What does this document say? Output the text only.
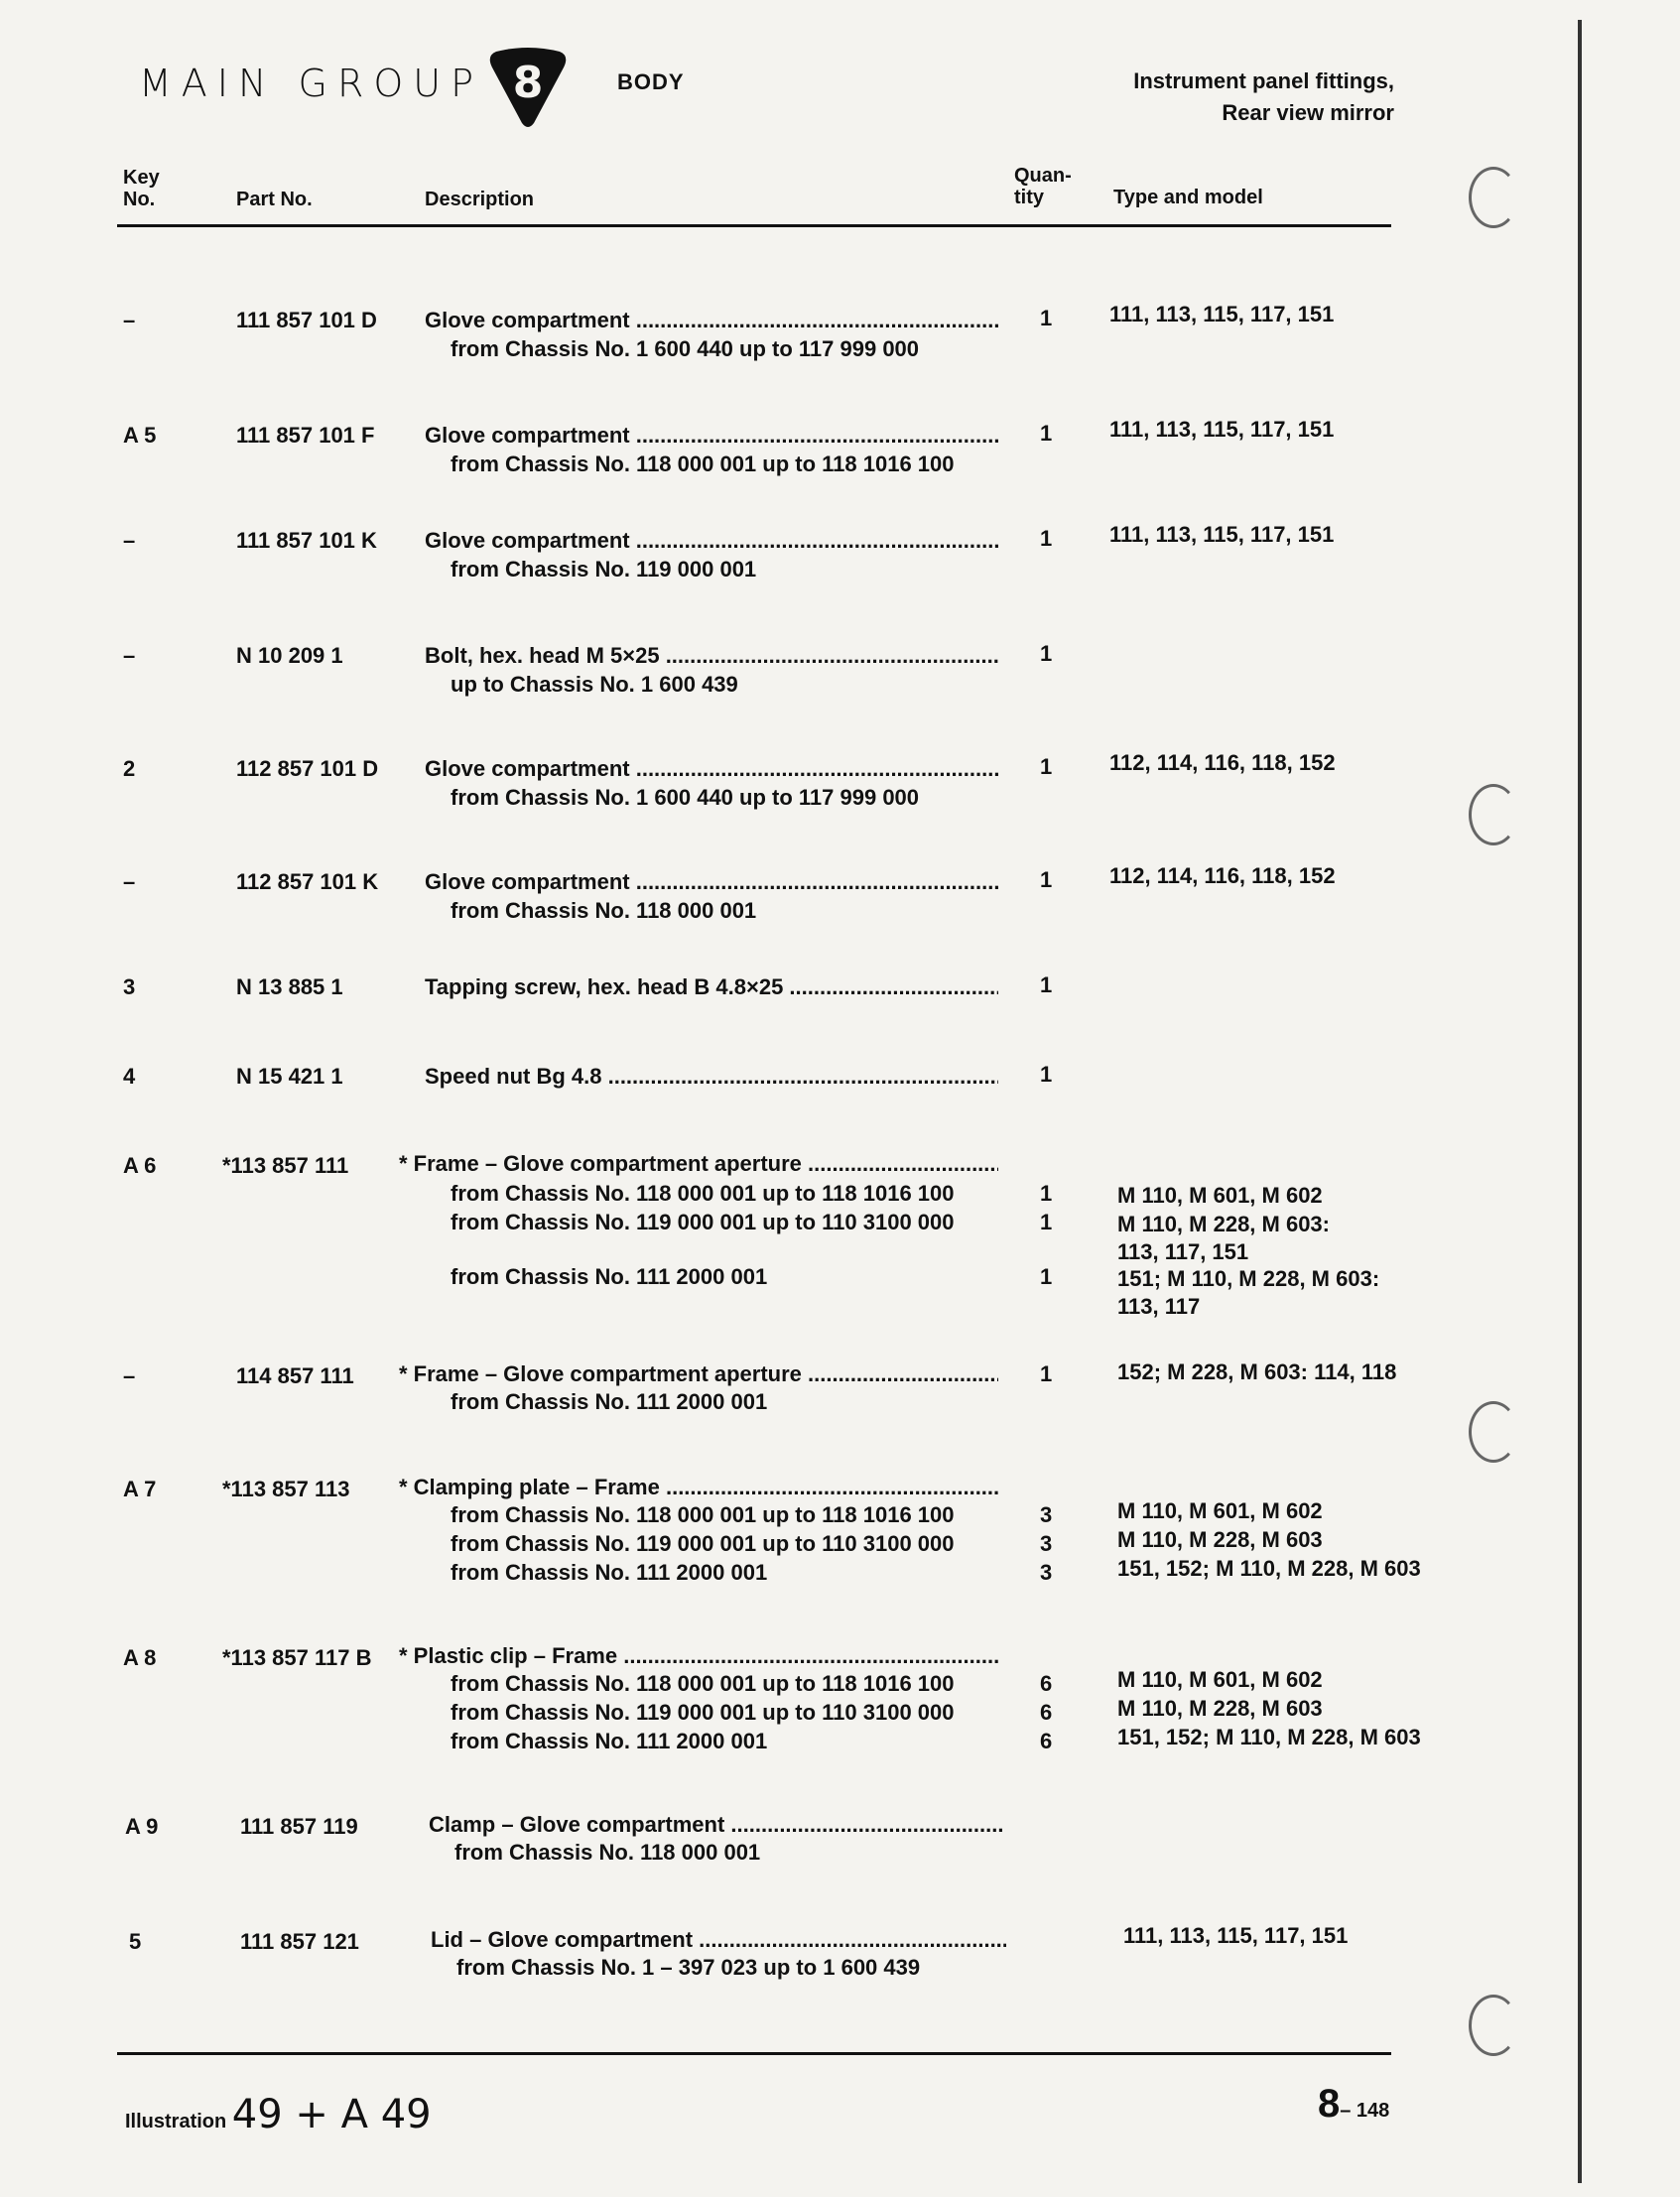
MAIN GROUP 8	BODY	Instrument panel fittings,
Rear view mirror
Key No.	Part No.	Description
Quan- tity	Type and model
–	111 857 101 D Glove compartment .....	1	111, 113, 115, 117, 151
from Chassis No. 1 600 440 up to 117 999 000
A 5	111 857 101 F Glove compartment .....	1	111, 113, 115, 117, 151
from Chassis No. 118 000 001 up to 118 1016 100
–	111 857 101 K Glove compartment .....	1	111, 113, 115, 117, 151
from Chassis No. 119 000 001
–	N 10 209 1	Bolt, hex. head M 5×25 .....	1
up to Chassis No. 1 600 439
2	112 857 101 D Glove compartment .....	1	112, 114, 116, 118, 152
from Chassis No. 1 600 440 up to 117 999 000
–	112 857 101 K Glove compartment .....	1	112, 114, 116, 118, 152
from Chassis No. 118 000 001
3	N 13 885 1	Tapping screw, hex. head B 4.8×25 .....	1
4	N 15 421 1	Speed nut Bg 4.8 .....	1
A 6	*113 857 111 * Frame – Glove compartment aperture .....
from Chassis No. 118 000 001 up to 118 1016 100	1	M 110, M 601, M 602
from Chassis No. 119 000 001 up to 110 3100 000	1	M 110, M 228, M 603:
113, 117, 151
from Chassis No. 111 2000 001	1	151; M 110, M 228, M 603:
113, 117
–	114 857 111 * Frame – Glove compartment aperture .....	1	152; M 228, M 603: 114, 118
from Chassis No. 111 2000 001
A 7	*113 857 113 * Clamping plate – Frame .....
from Chassis No. 118 000 001 up to 118 1016 100	3	M 110, M 601, M 602
from Chassis No. 119 000 001 up to 110 3100 000	3	M 110, M 228, M 603
from Chassis No. 111 2000 001	3	151, 152; M 110, M 228, M 603
A 8	*113 857 117 B * Plastic clip – Frame .....
from Chassis No. 118 000 001 up to 118 1016 100	6	M 110, M 601, M 602
from Chassis No. 119 000 001 up to 110 3100 000	6	M 110, M 228, M 603
from Chassis No. 111 2000 001	6	151, 152; M 110, M 228, M 603
A 9	111 857 119	Clamp – Glove compartment .....
from Chassis No. 118 000 001
5	111 857 121	Lid – Glove compartment .....	111, 113, 115, 117, 151
from Chassis No. 1 – 397 023 up to 1 600 439
Illustration 49 + A 49	8– 148
